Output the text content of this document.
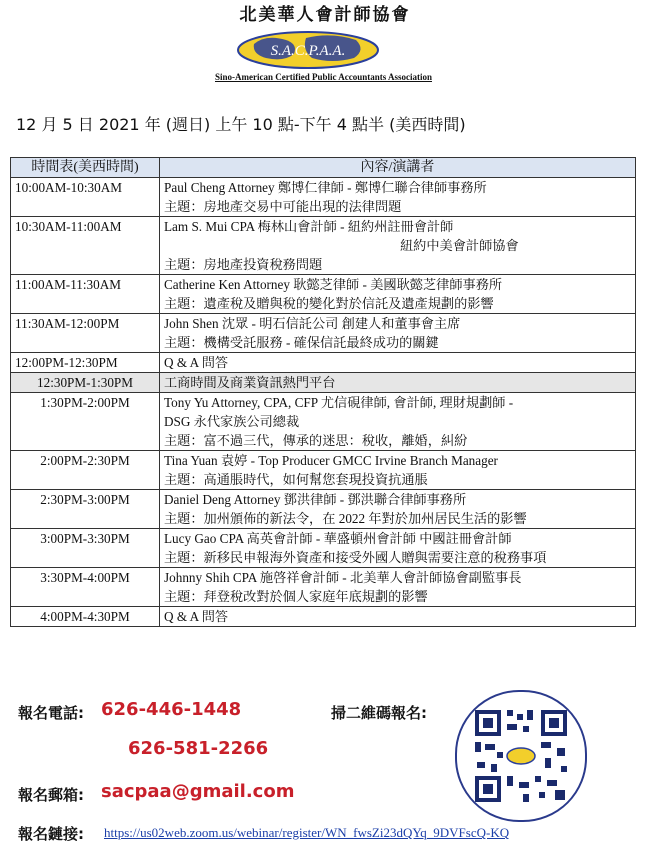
北美華人會計師協會
S.A.C.P.A.A.
Sino-American Certified Public Accountants Association
12 月 5 日 2021 年 (週日) 上午 10 點-下午 4 點半 (美西時間)
時間表(美西時間)	內容/演講者
10:00AM-10:30AM	Paul Cheng Attorney 鄭博仁律師 - 鄭博仁聯合律師事務所
主題：房地產交易中可能出現的法律問題

10:30AM-11:00AM	Lam S. Mui CPA 梅林山會計師 - 紐約州註冊會計師
紐約中美會計師協會
主題：房地產投資稅務問題

11:00AM-11:30AM	Catherine Ken Attorney 耿懿芝律師 - 美國耿懿芝律師事務所
主題：遺產稅及贈與稅的變化對於信託及遺產規劃的影響

11:30AM-12:00PM	John Shen 沈眾 - 明石信託公司 創建人和董事會主席
主題：機構受託服務 - 確保信託最終成功的關鍵

12:00PM-12:30PM	Q & A 問答

12:30PM-1:30PM	工商時間及商業資訊熱門平台

1:30PM-2:00PM	Tony Yu Attorney, CPA, CFP 尤信硯律師, 會計師, 理財規劃師 -
DSG 永代家族公司總裁
主題：富不過三代，傳承的迷思：稅收，離婚，糾紛

2:00PM-2:30PM	Tina Yuan 袁婷 - Top Producer GMCC Irvine Branch Manager
主題：高通脹時代，如何幫您套現投資抗通脹

2:30PM-3:00PM	Daniel Deng Attorney 鄧洪律師 - 鄧洪聯合律師事務所
主題：加州頒佈的新法令，在 2022 年對於加州居民生活的影響

3:00PM-3:30PM	Lucy Gao CPA 高英會計師 - 華盛頓州會計師 中國註冊會計師
主題：新移民申報海外資產和接受外國人贈與需要注意的稅務事項

3:30PM-4:00PM	Johnny Shih CPA 施啓祥會計師 - 北美華人會計師協會副監事長
主題：拜登稅改對於個人家庭年底規劃的影響

4:00PM-4:30PM	Q & A 問答
報名電話: 626-446-1448
626-581-2266
報名郵箱: sacpaa@gmail.com
掃二維碼報名:
報名鏈接: https://us02web.zoom.us/webinar/register/WN_fwsZi23dQYq_9DVFscQ-KQ
